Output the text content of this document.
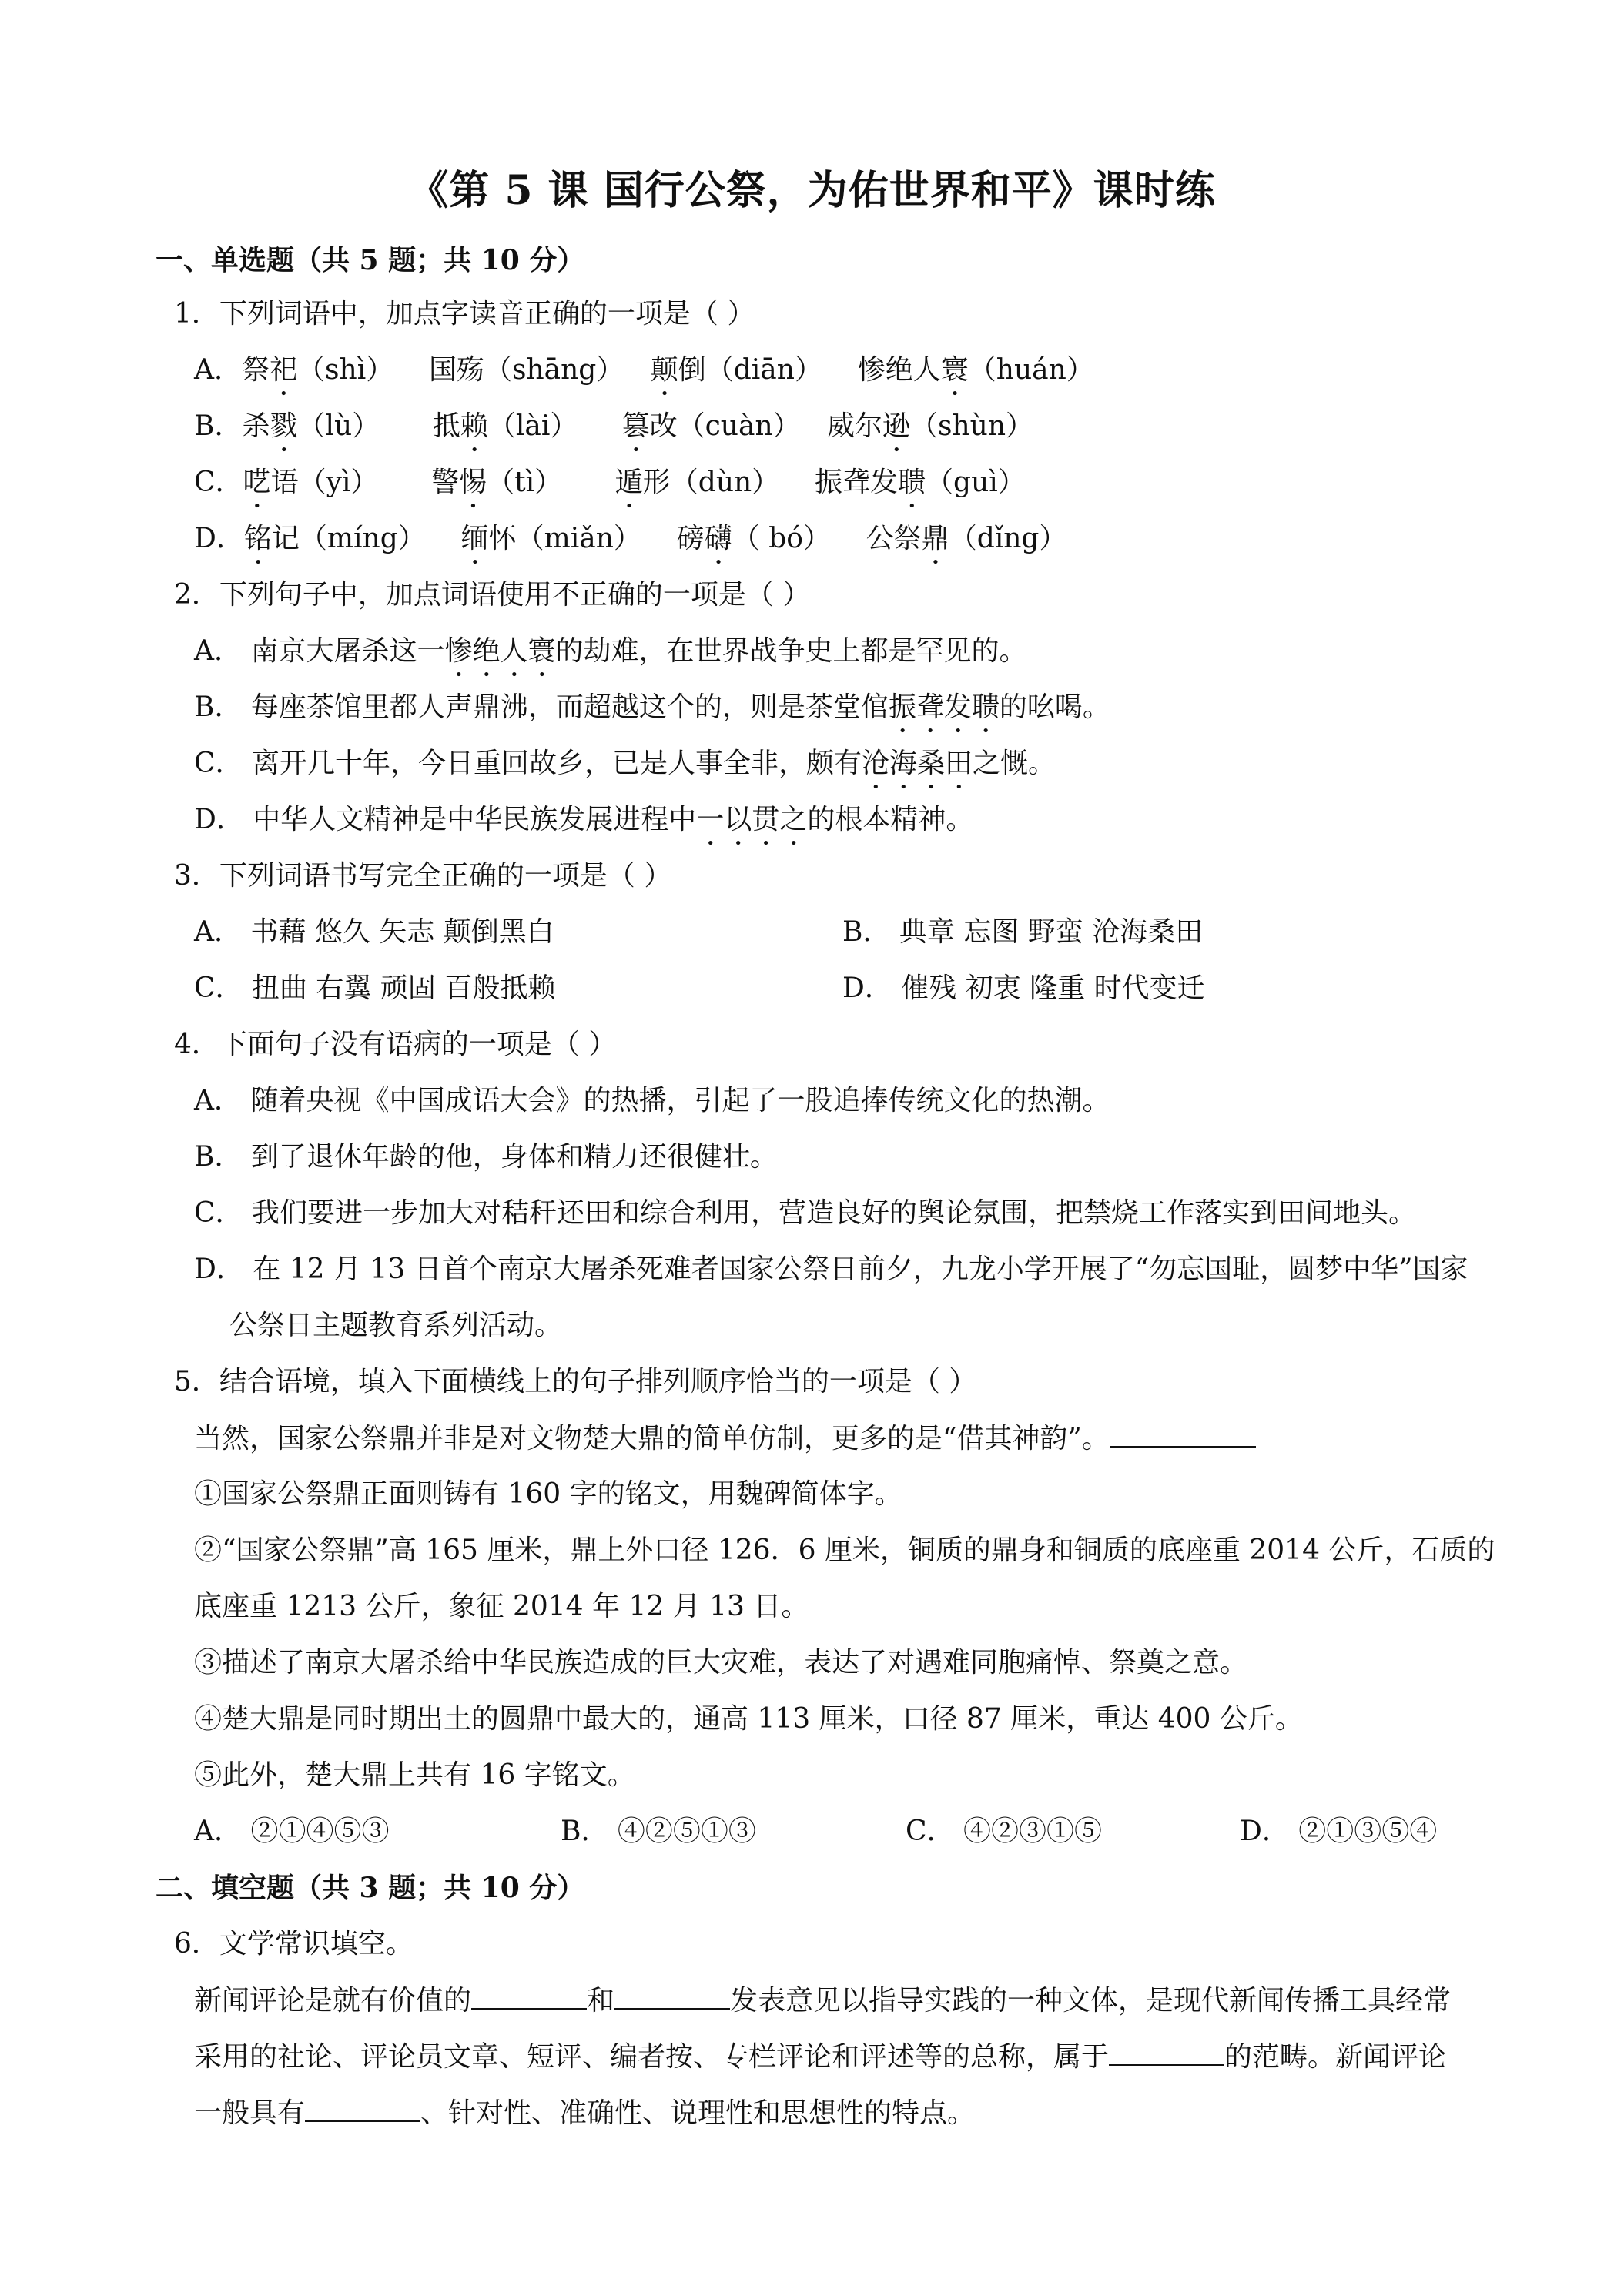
《第 5 课 国行公祭，为佑世界和平》课时练
一、单选题（共 5 题；共 10 分）
1．下列词语中，加点字读音正确的一项是（ ）
A．祭祀（shì） 国殇（shāng） 颠倒（diān） 惨绝人寰（huán）
B．杀戮（lù） 抵赖（lài） 篡改（cuàn） 威尔逊（shùn）
C．呓语（yì） 警惕（tì） 遁形（dùn） 振聋发聩（guì）
D．铭记（míng） 缅怀（miǎn） 磅礴（ bó） 公祭鼎（dǐng）
2．下列句子中，加点词语使用不正确的一项是（ ）
A． 南京大屠杀这一惨绝人寰的劫难，在世界战争史上都是罕见的。
B． 每座茶馆里都人声鼎沸，而超越这个的，则是茶堂倌振聋发聩的吆喝。
C． 离开几十年，今日重回故乡，已是人事全非，颇有沧海桑田之慨。
D． 中华人文精神是中华民族发展进程中一以贯之的根本精神。
3．下列词语书写完全正确的一项是（ ）
A． 书藉 悠久 矢志 颠倒黑白	B． 典章 忘图 野蛮 沧海桑田
C． 扭曲 右翼 顽固 百般抵赖	D． 催残 初衷 隆重 时代变迁
4．下面句子没有语病的一项是（ ）
A． 随着央视《中国成语大会》的热播，引起了一股追捧传统文化的热潮。
B． 到了退休年龄的他，身体和精力还很健壮。
C． 我们要进一步加大对秸秆还田和综合利用，营造良好的舆论氛围，把禁烧工作落实到田间地头。
D． 在 12 月 13 日首个南京大屠杀死难者国家公祭日前夕，九龙小学开展了“勿忘国耻，圆梦中华”国家
公祭日主题教育系列活动。
5．结合语境，填入下面横线上的句子排列顺序恰当的一项是（ ）
当然，国家公祭鼎并非是对文物楚大鼎的简单仿制，更多的是“借其神韵”。
①国家公祭鼎正面则铸有 160 字的铭文，用魏碑简体字。
②“国家公祭鼎”高 165 厘米，鼎上外口径 126．6 厘米，铜质的鼎身和铜质的底座重 2014 公斤，石质的
底座重 1213 公斤，象征 2014 年 12 月 13 日。
③描述了南京大屠杀给中华民族造成的巨大灾难，表达了对遇难同胞痛悼、祭奠之意。
④楚大鼎是同时期出土的圆鼎中最大的，通高 113 厘米，口径 87 厘米，重达 400 公斤。
⑤此外，楚大鼎上共有 16 字铭文。
A． ②①④⑤③	B． ④②⑤①③	C． ④②③①⑤	D． ②①③⑤④
二、填空题（共 3 题；共 10 分）
6．文学常识填空。
新闻评论是就有价值的	和	发表意见以指导实践的一种文体，是现代新闻传播工具经常
采用的社论、评论员文章、短评、编者按、专栏评论和评述等的总称，属于	的范畴。新闻评论
一般具有	、针对性、准确性、说理性和思想性的特点。
